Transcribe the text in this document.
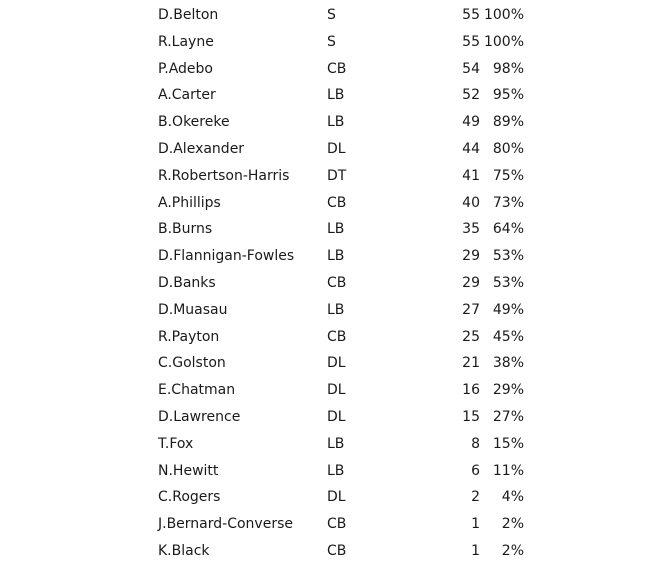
D.Belton	S	55 100%
R.Layne	S	55 100%
P.Adebo	CB	54 98%
A.Carter	LB	52 95%
B.Okereke	LB	49 89%
D.Alexander	DL	44 80%
R.Robertson-Harris	DT	41 75%
A.Phillips	CB	40 73%
B.Burns	LB	35 64%
D.Flannigan-Fowles LB	29 53%
D.Banks	CB	29 53%
D.Muasau	LB	27 49%
R.Payton	CB	25 45%
C.Golston	DL	21 38%
E.Chatman	DL	16 29%
D.Lawrence	DL	15 27%
T.Fox	LB	8 15%
N.Hewitt	LB	6 11%
C.Rogers	DL	2 4%
J.Bernard-Converse CB	1 2%
K.Black	CB	1 2%
